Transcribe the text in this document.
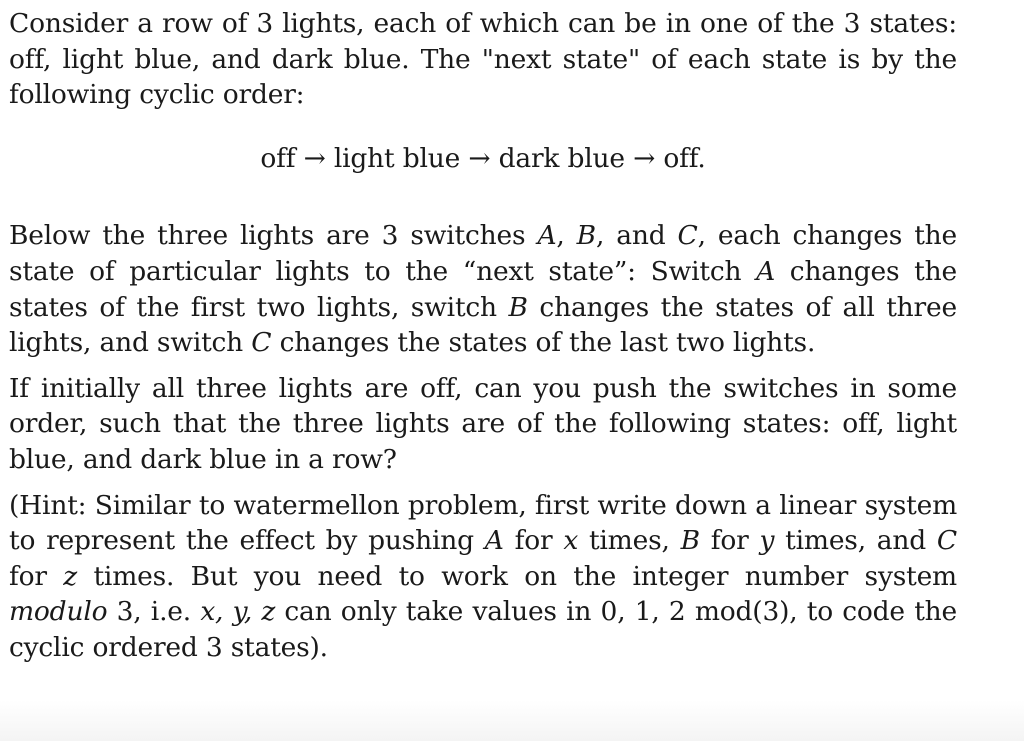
Consider a row of 3 lights, each of which can be in one of the 3 states: off, light blue, and dark blue. The "next state" of each state is by the following cyclic order:

off → light blue → dark blue → off.

Below the three lights are 3 switches A, B, and C, each changes the state of particular lights to the “next state”: Switch A changes the states of the first two lights, switch B changes the states of all three lights, and switch C changes the states of the last two lights.

If initially all three lights are off, can you push the switches in some order, such that the three lights are of the following states: off, light blue, and dark blue in a row?

(Hint: Similar to watermellon problem, first write down a linear system to represent the effect by pushing A for x times, B for y times, and C for z times. But you need to work on the integer number system modulo 3, i.e. x, y, z can only take values in 0, 1, 2 mod(3), to code the cyclic ordered 3 states).
